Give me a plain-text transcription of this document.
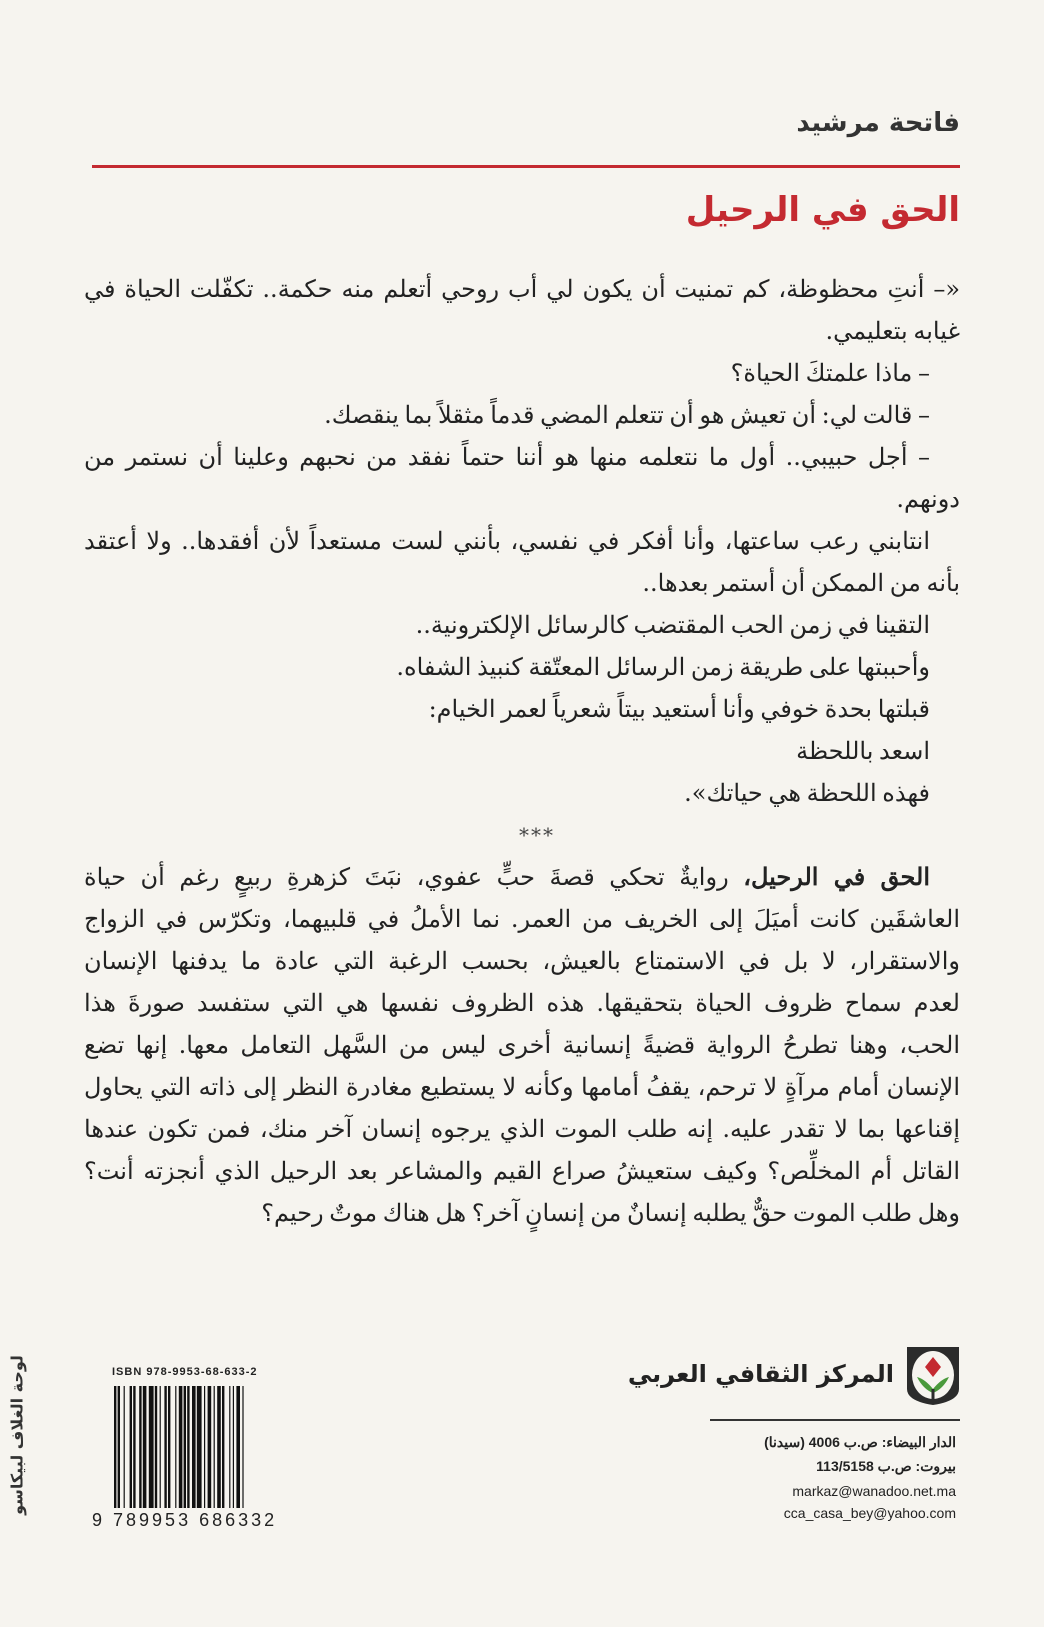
فاتحة مرشيد
الحق في الرحيل
«– أنتِ محظوظة، كم تمنيت أن يكون لي أب روحي أتعلم منه حكمة.. تكفّلت الحياة في
غيابه بتعليمي.
– ماذا علمتكَ الحياة؟
– قالت لي: أن تعيش هو أن تتعلم المضي قدماً مثقلاً بما ينقصك.
– أجل حبيبي.. أول ما نتعلمه منها هو أننا حتماً نفقد من نحبهم وعلينا أن نستمر من
دونهم.
انتابني رعب ساعتها، وأنا أفكر في نفسي، بأنني لست مستعداً لأن أفقدها.. ولا أعتقد
بأنه من الممكن أن أستمر بعدها..
التقينا في زمن الحب المقتضب كالرسائل الإلكترونية..
وأحببتها على طريقة زمن الرسائل المعتّقة كنبيذ الشفاه.
قبلتها بحدة خوفي وأنا أستعيد بيتاً شعرياً لعمر الخيام:
اسعد باللحظة
فهذه اللحظة هي حياتك».
***
الحق في الرحيل، روايةٌ تحكي قصةَ حبٍّ عفوي، نبَتَ كزهرةِ ربيعٍ رغم أن حياة
العاشقَين كانت أميَلَ إلى الخريف من العمر. نما الأملُ في قلبيهما، وتكرّس في الزواج
والاستقرار، لا بل في الاستمتاع بالعيش، بحسب الرغبة التي عادة ما يدفنها الإنسان
لعدم سماح ظروف الحياة بتحقيقها. هذه الظروف نفسها هي التي ستفسد صورةَ هذا
الحب، وهنا تطرحُ الرواية قضيةً إنسانية أخرى ليس من السَّهل التعامل معها. إنها تضع
الإنسان أمام مرآةٍ لا ترحم، يقفُ أمامها وكأنه لا يستطيع مغادرة النظر إلى ذاته التي يحاول
إقناعها بما لا تقدر عليه. إنه طلب الموت الذي يرجوه إنسان آخر منك، فمن تكون عندها
القاتل أم المخلِّص؟ وكيف ستعيشُ صراع القيم والمشاعر بعد الرحيل الذي أنجزته أنت؟
وهل طلب الموت حقٌّ يطلبه إنسانٌ من إنسانٍ آخر؟ هل هناك موتٌ رحيم؟
المركز الثقافي العربي
الدار البيضاء: ص.ب 4006 (سيدنا)
بيروت: ص.ب 113/5158
markaz@wanadoo.net.ma
cca_casa_bey@yahoo.com
ISBN 978-9953-68-633-2
9 789953 686332
لوحة الغلاف لبيكاسو
